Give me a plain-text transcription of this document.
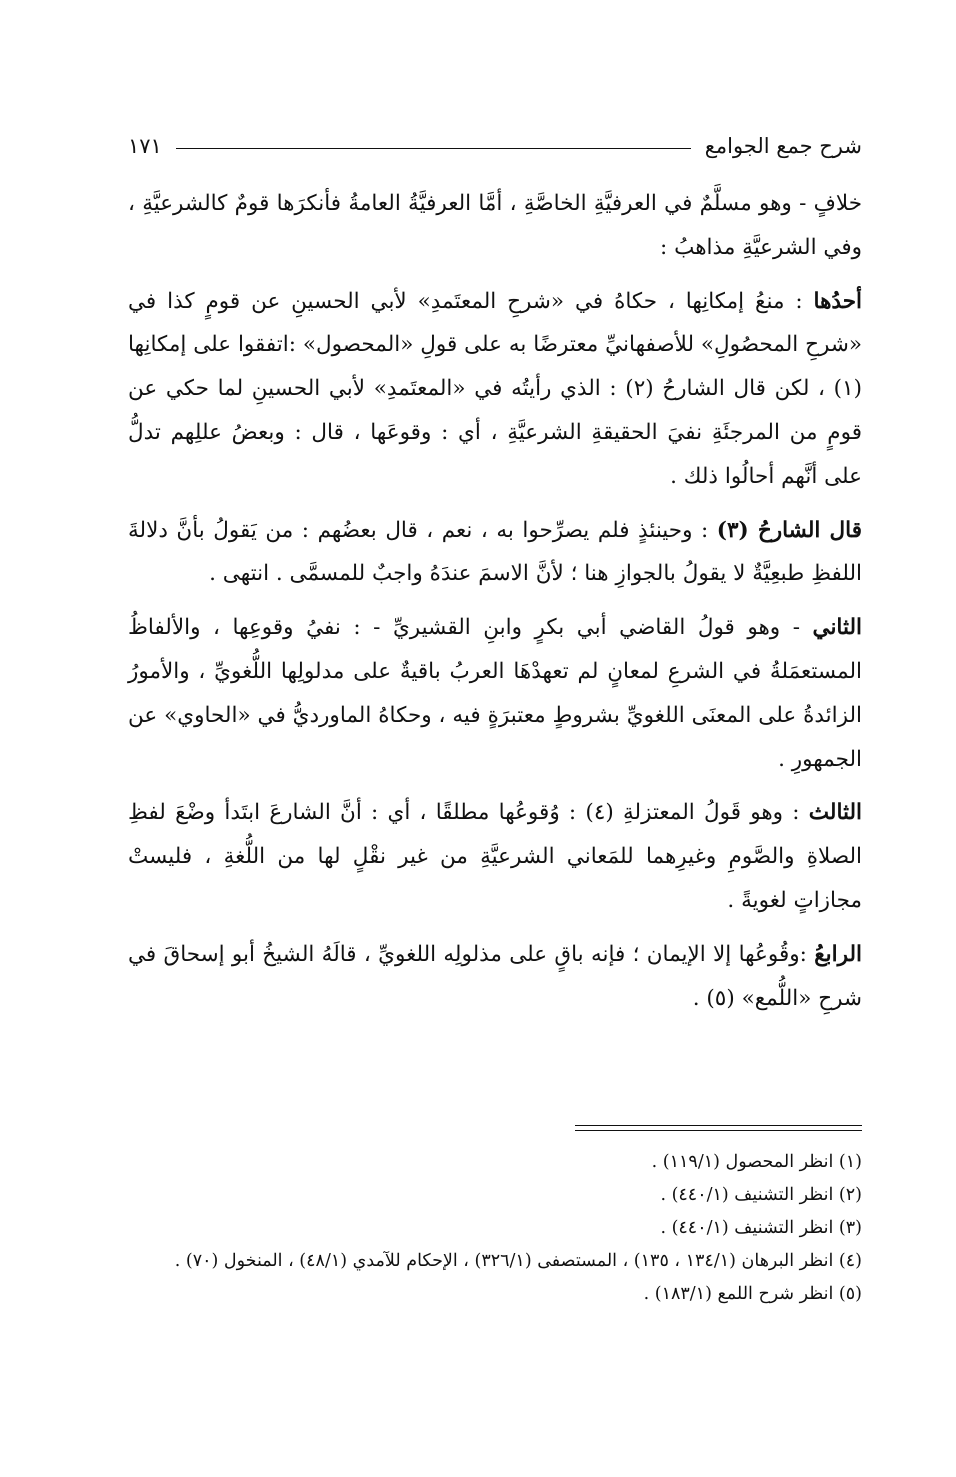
شرح جمع الجوامع
١٧١

خلافٍ - وهو مسلَّمٌ في العرفيَّةِ الخاصَّةِ ، أمَّا العرفيَّةُ العامةُ فأنكرَها قومٌ كالشرعيَّةِ ، وفي الشرعيَّةِ مذاهبُ :

أحدُها : منعُ إمكانِها ، حكاهُ في «شرحِ المعتَمدِ» لأبي الحسينِ عن قومٍ كذا في «شرحِ المحصُولِ» للأصفهانيِّ معترضًا به على قولِ «المحصول» :اتفقوا على إمكانِها (١) ، لكن قال الشارحُ (٢) : الذي رأيتُه في «المعتَمدِ» لأبي الحسينِ لما حكي عن قومٍ من المرجئَةِ نفيَ الحقيقةِ الشرعيَّةِ ، أي : وقوعَها ، قال : وبعضُ عللِهم تدلُّ على أنَّهم أحالُوا ذلك .

قال الشارحُ (٣) : وحينئذٍ فلم يصرِّحوا به ، نعم ، قال بعضُهم : من يَقولُ بأنَّ دلالةَ اللفظِ طبعِيَّةٌ لا يقولُ بالجوازِ هنا ؛ لأنَّ الاسمَ عندَهُ واجبٌ للمسمَّى . انتهى .

الثاني - وهو قولُ القاضي أبي بكرٍ وابنِ القشيريِّ - : نفيُ وقوعِها ، والألفاظُ المستعمَلةُ في الشرعِ لمعانٍ لم تعهدْهَا العربُ باقيةٌ على مدلولِها اللُّغويِّ ، والأمورُ الزائدةُ على المعنَى اللغويِّ بشروطٍ معتبرَةٍ فيه ، وحكاهُ الماورديُّ في «الحاوي» عن الجمهورِ .

الثالث : وهو قَولُ المعتزلةِ (٤) : وُقوعُها مطلقًا ، أي : أنَّ الشارعَ ابتَدأ وضْعَ لفظِ الصلاةِ والصَّومِ وغيرِهما للمَعاني الشرعيَّةِ من غير نقْلٍ لها من اللُّغةِ ، فليستْ مجازاتٍ لغويةً .

الرابعُ :وقُوعُها إلا الإيمان ؛ فإنه باقٍ على مذلولِه اللغويِّ ، قالَهُ الشيخُ أبو إسحاقَ في شرحِ «اللُّمع» (٥) .

(١) انظر المحصول (١١٩/١) .

(٢) انظر التشنيف (٤٤٠/١) .

(٣) انظر التشنيف (٤٤٠/١) .

(٤) انظر البرهان (١٣٤/١ ، ١٣٥) ، المستصفى (٣٢٦/١) ، الإحكام للآمدي (٤٨/١) ، المنخول (٧٠) .

(٥) انظر شرح اللمع (١٨٣/١) .
